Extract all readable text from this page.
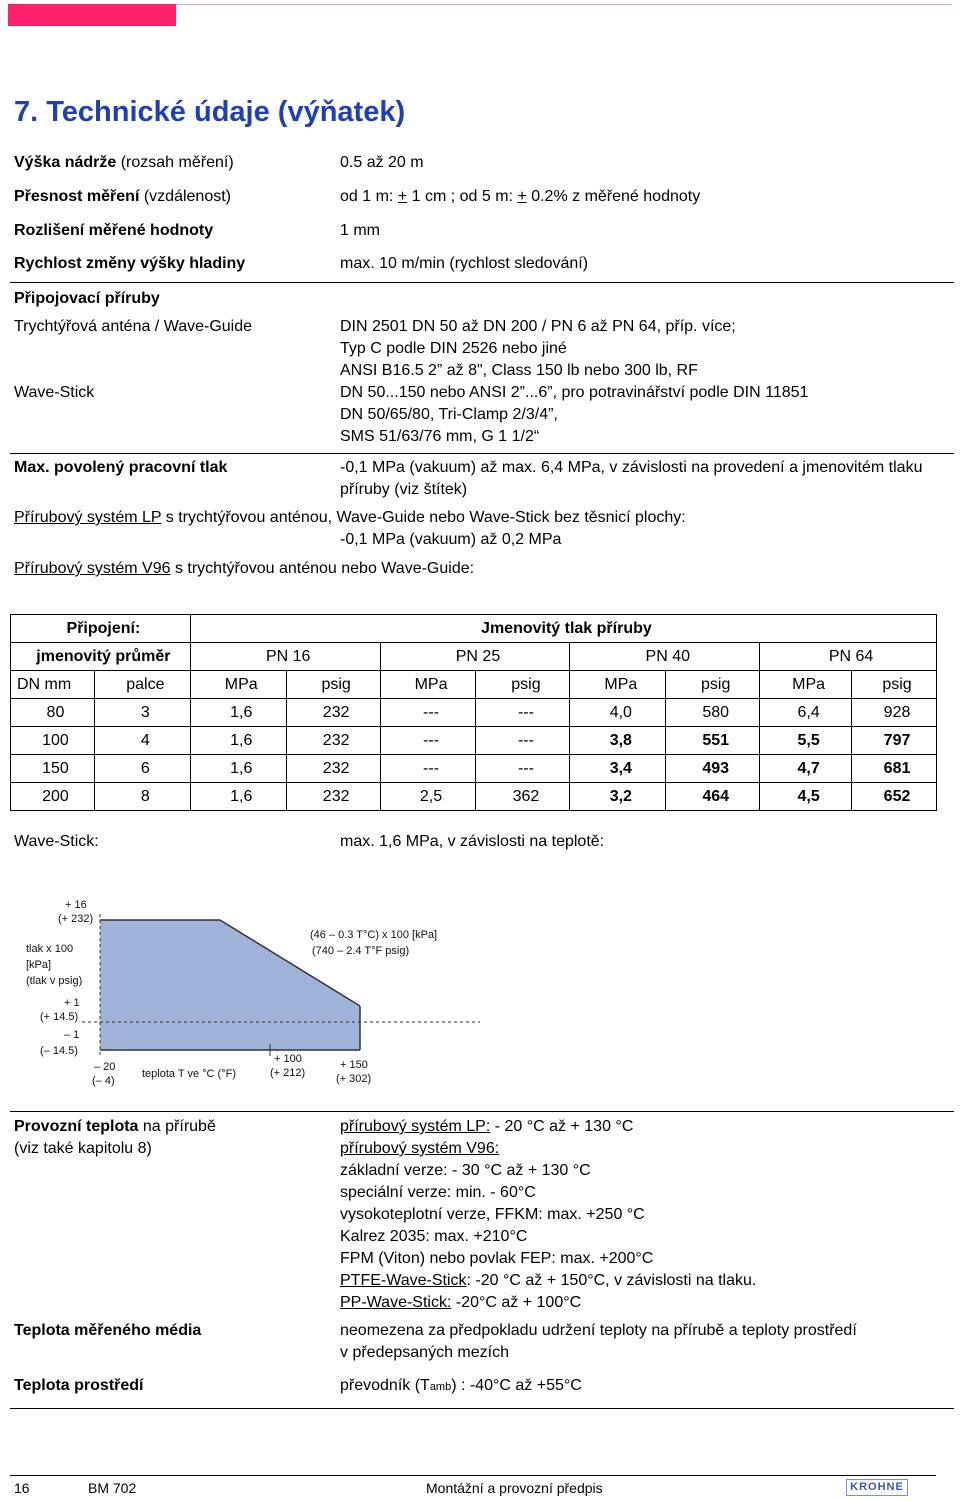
7. Technické údaje (výňatek)
Výška nádrže (rozsah měření)	0.5 až 20 m
Přesnost měření (vzdálenost)	od 1 m: + 1 cm ; od 5 m: + 0.2% z měřené hodnoty
Rozlišení měřené hodnoty	1 mm
Rychlost změny výšky hladiny	max. 10 m/min (rychlost sledování)
Připojovací příruby
Trychtýřová anténa / Wave-Guide	DIN 2501 DN 50 až DN 200 / PN 6 až PN 64, příp. více;
Typ C podle DIN 2526 nebo jiné
ANSI B16.5 2” až 8", Class 150 lb nebo 300 lb, RF
Wave-Stick	DN 50...150 nebo ANSI 2”...6”, pro potravinářství podle DIN 11851
DN 50/65/80, Tri-Clamp 2/3/4”,
SMS 51/63/76 mm, G 1 1/2“
Max. povolený pracovní tlak	-0,1 MPa (vakuum) až max. 6,4 MPa, v závislosti na provedení a jmenovitém tlaku
příruby (viz štítek)
Přírubový systém LP s trychtýřovou anténou, Wave-Guide nebo Wave-Stick bez těsnicí plochy:
-0,1 MPa (vakuum) až 0,2 MPa
Přírubový systém V96 s trychtýřovou anténou nebo Wave-Guide:
Připojení:		Jmenovitý tlak příruby							
jmenovitý průměr		PN 16		PN 25		PN 40		PN 64	
DN mm	palce	MPa	psig	MPa	psig	MPa	psig	MPa	psig
80	3	1,6	232	---	---	4,0	580	6,4	928
100	4	1,6	232	---	---	3,8	551	5,5	797
150	6	1,6	232	---	---	3,4	493	4,7	681
200	8	1,6	232	2,5	362	3,2	464	4,5	652
Wave-Stick:	max. 1,6 MPa, v závislosti na teplotě:
+ 16
(+ 232)
tlak x 100
[kPa]
(tlak v psig)
+ 1
(+ 14.5)
– 1
(– 14.5)
(46 – 0.3 T°C) x 100 [kPa]
(740 – 2.4 T°F psig)
– 20
(– 4)
teplota T ve °C (°F)
+ 100
(+ 212)
+ 150
(+ 302)
Provozní teplota na přírubě
(viz také kapitolu 8)
přírubový systém LP: - 20 °C až + 130 °C
přírubový systém V96:
základní verze: - 30 °C až + 130 °C
speciální verze: min. - 60°C
vysokoteplotní verze, FFKM: max. +250 °C
Kalrez 2035: max. +210°C
FPM (Viton) nebo povlak FEP: max. +200°C
PTFE-Wave-Stick: -20 °C až + 150°C, v závislosti na tlaku.
PP-Wave-Stick: -20°C až + 100°C
Teplota měřeného média	neomezena za předpokladu udržení teploty na přírubě a teploty prostředí
v předepsaných mezích
Teplota prostředí	převodník (Tamb) : -40°C až +55°C
16	BM 702	Montážní a provozní předpis	KROHNE
